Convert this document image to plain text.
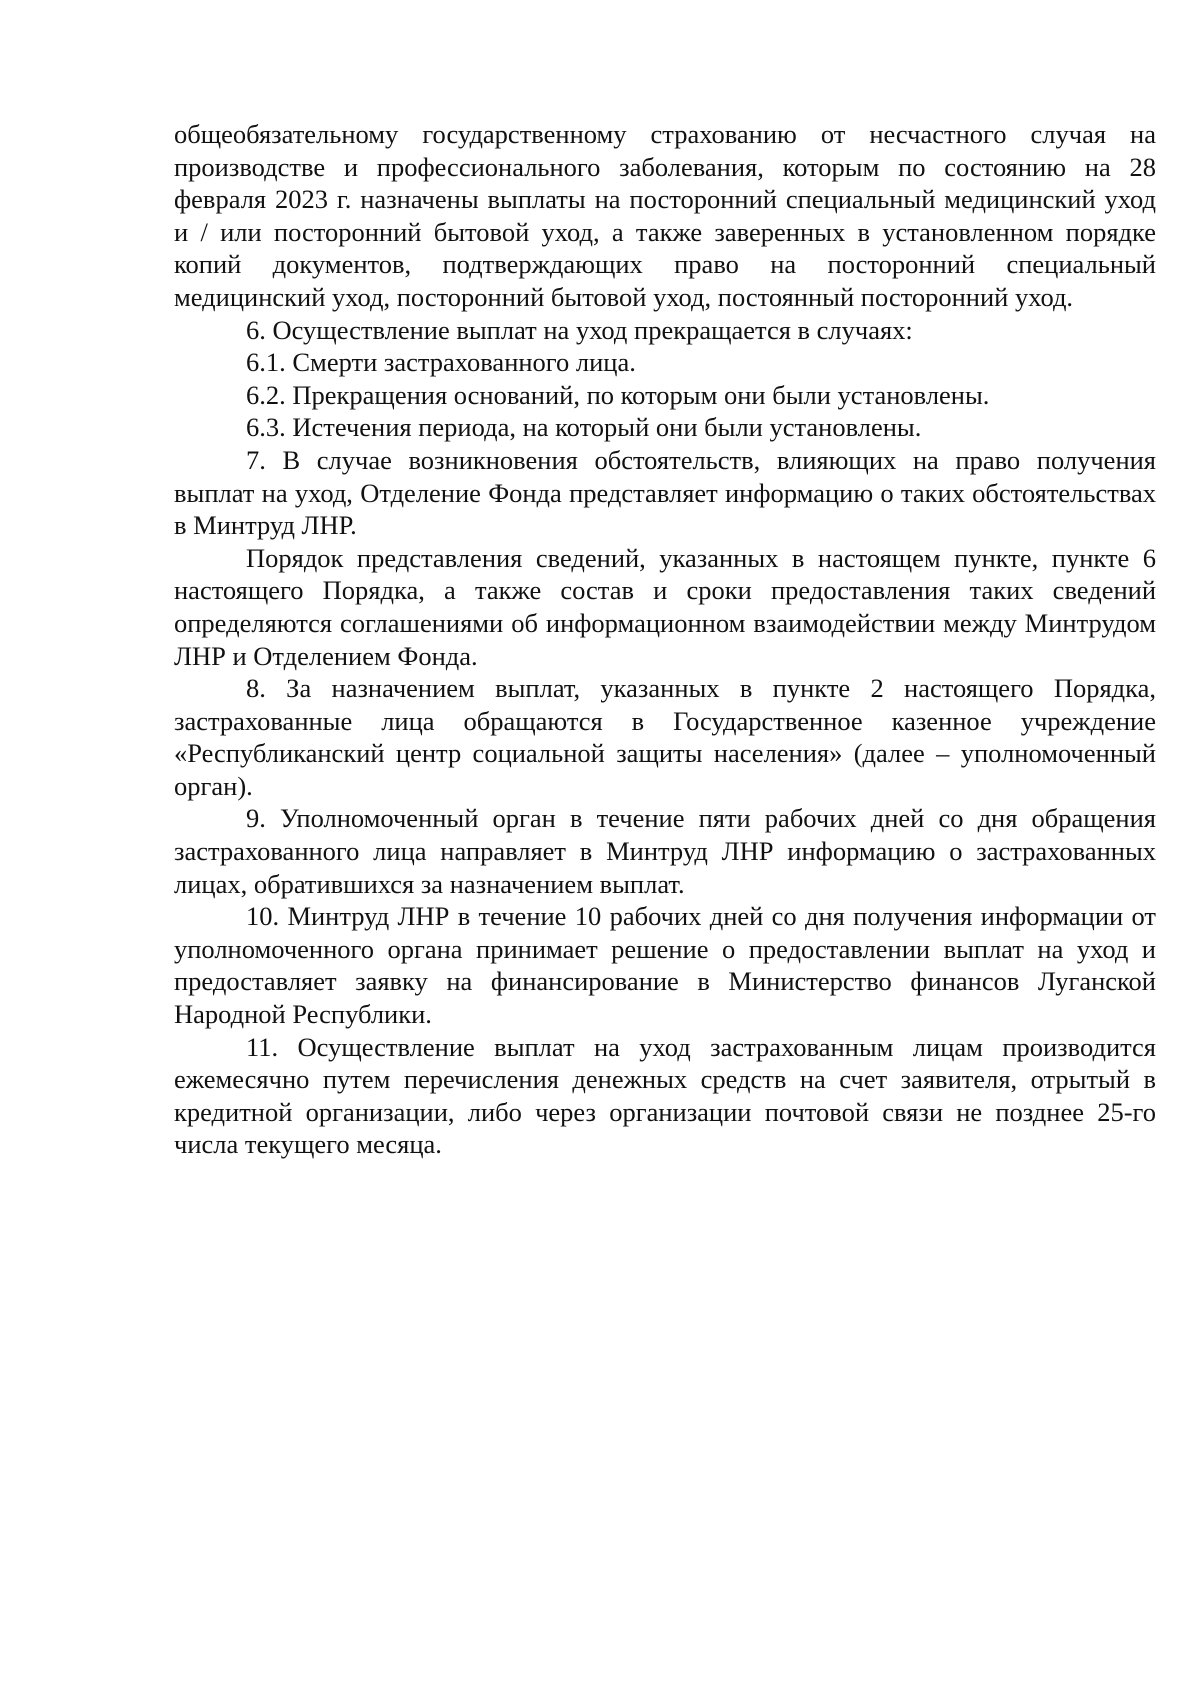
общеобязательному государственному страхованию от несчастного случая на производстве и профессионального заболевания, которым по состоянию на 28 февраля 2023 г. назначены выплаты на посторонний специальный медицинский уход и / или посторонний бытовой уход, а также заверенных в установленном порядке копий документов, подтверждающих право на посторонний специальный медицинский уход, посторонний бытовой уход, постоянный посторонний уход.

6. Осуществление выплат на уход прекращается в случаях:

6.1. Смерти застрахованного лица.

6.2. Прекращения оснований, по которым они были установлены.

6.3. Истечения периода, на который они были установлены.

7. В случае возникновения обстоятельств, влияющих на право получения выплат на уход, Отделение Фонда представляет информацию о таких обстоятельствах в Минтруд ЛНР.

Порядок представления сведений, указанных в настоящем пункте, пункте 6 настоящего Порядка, а также состав и сроки предоставления таких сведений определяются соглашениями об информационном взаимодействии между Минтрудом ЛНР и Отделением Фонда.

8. За назначением выплат, указанных в пункте 2 настоящего Порядка, застрахованные лица обращаются в Государственное казенное учреждение «Республиканский центр социальной защиты населения» (далее – уполномоченный орган).

9. Уполномоченный орган в течение пяти рабочих дней со дня обращения застрахованного лица направляет в Минтруд ЛНР информацию о застрахованных лицах, обратившихся за назначением выплат.

10. Минтруд ЛНР в течение 10 рабочих дней со дня получения информации от уполномоченного органа принимает решение о предоставлении выплат на уход и предоставляет заявку на финансирование в Министерство финансов Луганской Народной Республики.

11. Осуществление выплат на уход застрахованным лицам производится ежемесячно путем перечисления денежных средств на счет заявителя, отрытый в кредитной организации, либо через организации почтовой связи не позднее 25-го числа текущего месяца.
